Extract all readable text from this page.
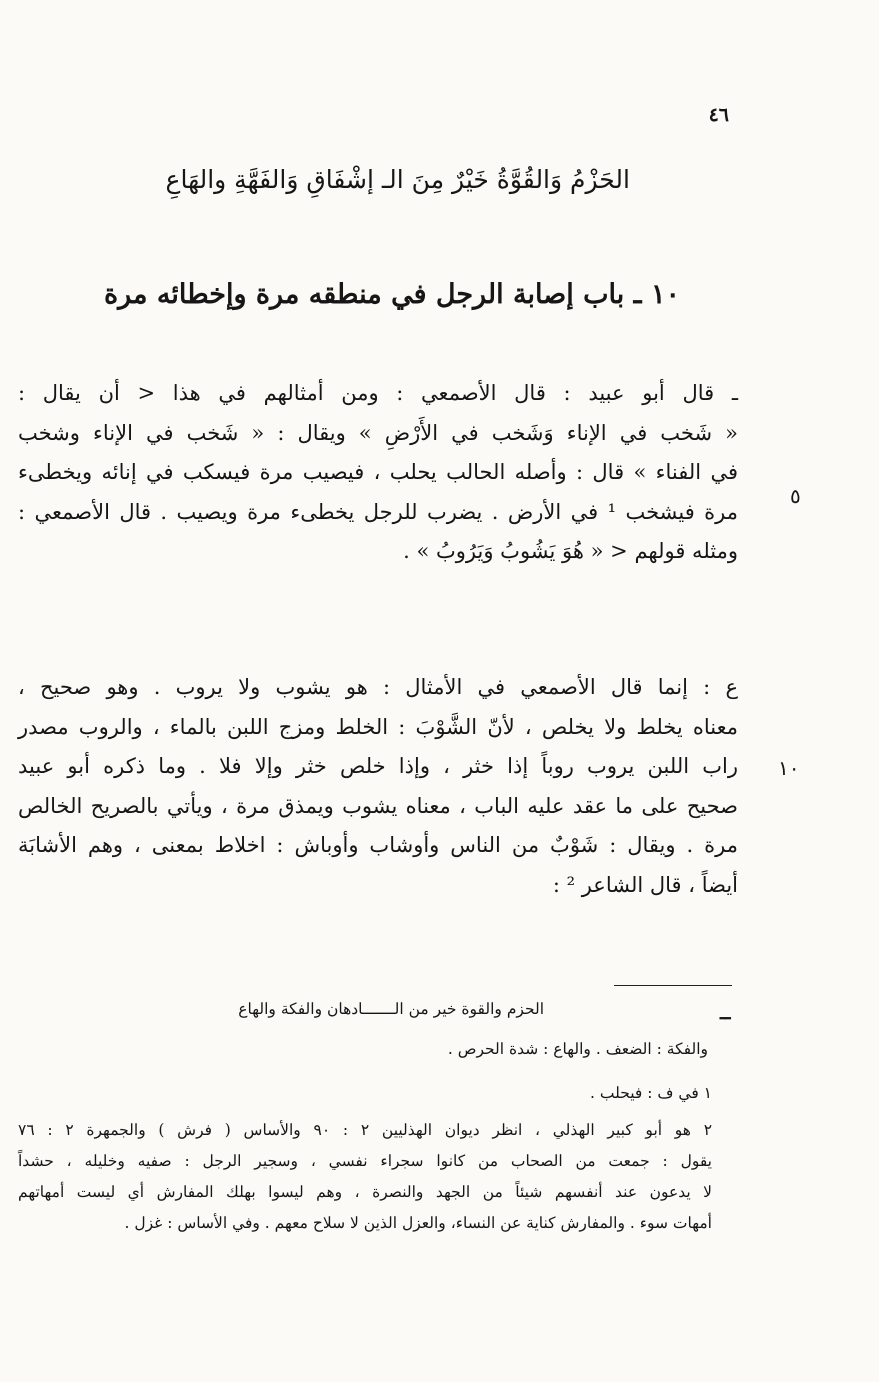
٤٦
الحَزْمُ وَالقُوَّةُ خَيْرٌ مِنَ الـ إشْفَاقِ وَالفَهَّةِ والهَاعِ
١٠ ـ باب إصابة الرجل في منطقه مرة وإخطائه مرة
ـ قال أبو عبيد : قال الأصمعي : ومن أمثالهم في هذا < أن يقال :
« شَخب في الإناء وَشَخب في الأَرْضِ » ويقال : « شَخب في الإناء وشخب
في الفناء » قال : وأصله الحالب يحلب ، فيصيب مرة فيسكب في إنائه ويخطىء
مرة فيشخب ¹ في الأرض . يضرب للرجل يخطىء مرة ويصيب . قال الأصمعي :
ومثله قولهم < « هُوَ يَشُوبُ وَيَرُوبُ » .
٥
ع : إنما قال الأصمعي في الأمثال : هو يشوب ولا يروب . وهو صحيح ،
معناه يخلط ولا يخلص ، لأنّ الشَّوْبَ : الخلط ومزج اللبن بالماء ، والروب مصدر
راب اللبن يروب روباً إذا خثر ، وإذا خلص خثر وإلا فلا . وما ذكره أبو عبيد
صحيح على ما عقد عليه الباب ، معناه يشوب ويمذق مرة ، ويأتي بالصريح الخالص
مرة . ويقال : شَوْبٌ من الناس وأوشاب وأوباش : اخلاط بمعنى ، وهم الأشابَة
أيضاً ، قال الشاعر ² :
١٠
ــ
الحزم والقوة خير من الـــــــادهان والفكة والهاع
والفكة : الضعف . والهاع : شدة الحرص .
١ في ف : فيحلب .
٢ هو أبو كبير الهذلي ، انظر ديوان الهذليين ٢ : ٩٠ والأساس ( فرش ) والجمهرة ٢ : ٧٦
يقول : جمعت من الصحاب من كانوا سجراء نفسي ، وسجير الرجل : صفيه وخليله ، حشداً
لا يدعون عند أنفسهم شيئاً من الجهد والنصرة ، وهم ليسوا بهلك المفارش أي ليست أمهاتهم
أمهات سوء . والمفارش كناية عن النساء، والعزل الذين لا سلاح معهم . وفي الأساس : غزل .
